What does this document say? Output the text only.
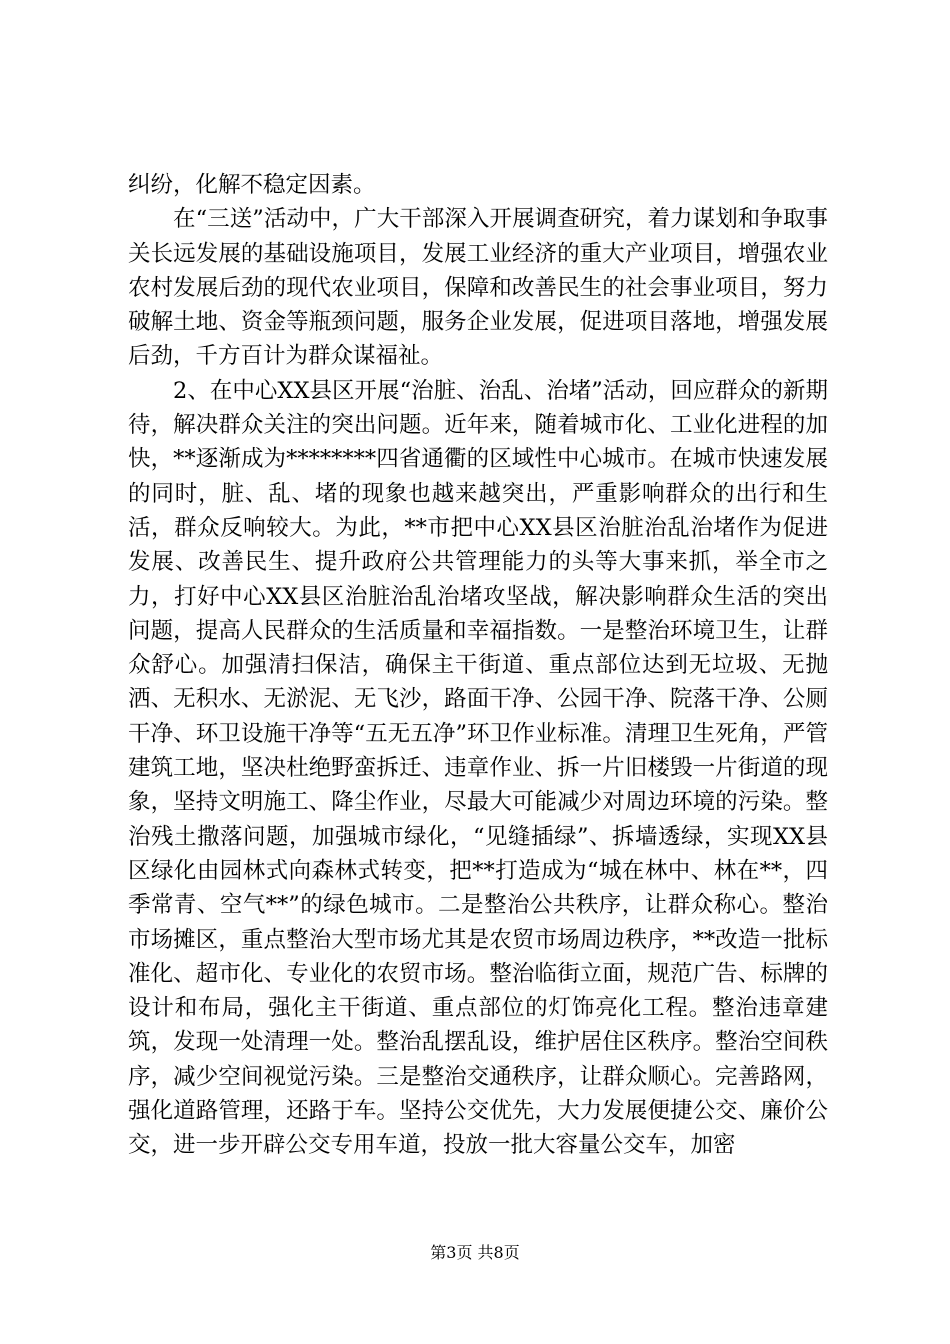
纠纷，化解不稳定因素。

在“三送”活动中，广大干部深入开展调查研究，着力谋划和争取事关长远发展的基础设施项目，发展工业经济的重大产业项目，增强农业农村发展后劲的现代农业项目，保障和改善民生的社会事业项目，努力破解土地、资金等瓶颈问题，服务企业发展，促进项目落地，增强发展后劲，千方百计为群众谋福祉。

2、在中心XX县区开展“治脏、治乱、治堵”活动，回应群众的新期待，解决群众关注的突出问题。近年来，随着城市化、工业化进程的加快，**逐渐成为********四省通衢的区域性中心城市。在城市快速发展的同时，脏、乱、堵的现象也越来越突出，严重影响群众的出行和生活，群众反响较大。为此，**市把中心XX县区治脏治乱治堵作为促进发展、改善民生、提升政府公共管理能力的头等大事来抓，举全市之力，打好中心XX县区治脏治乱治堵攻坚战，解决影响群众生活的突出问题，提高人民群众的生活质量和幸福指数。一是整治环境卫生，让群众舒心。加强清扫保洁，确保主干街道、重点部位达到无垃圾、无抛洒、无积水、无淤泥、无飞沙，路面干净、公园干净、院落干净、公厕干净、环卫设施干净等“五无五净”环卫作业标准。清理卫生死角，严管建筑工地，坚决杜绝野蛮拆迁、违章作业、拆一片旧楼毁一片街道的现象，坚持文明施工、降尘作业，尽最大可能减少对周边环境的污染。整治残土撒落问题，加强城市绿化，“见缝插绿”、拆墙透绿，实现XX县区绿化由园林式向森林式转变，把**打造成为“城在林中、林在**，四季常青、空气**”的绿色城市。二是整治公共秩序，让群众称心。整治市场摊区，重点整治大型市场尤其是农贸市场周边秩序，**改造一批标准化、超市化、专业化的农贸市场。整治临街立面，规范广告、标牌的设计和布局，强化主干街道、重点部位的灯饰亮化工程。整治违章建筑，发现一处清理一处。整治乱摆乱设，维护居住区秩序。整治空间秩序，减少空间视觉污染。三是整治交通秩序，让群众顺心。完善路网，强化道路管理，还路于车。坚持公交优先，大力发展便捷公交、廉价公交，进一步开辟公交专用车道，投放一批大容量公交车，加密

第3页 共8页
